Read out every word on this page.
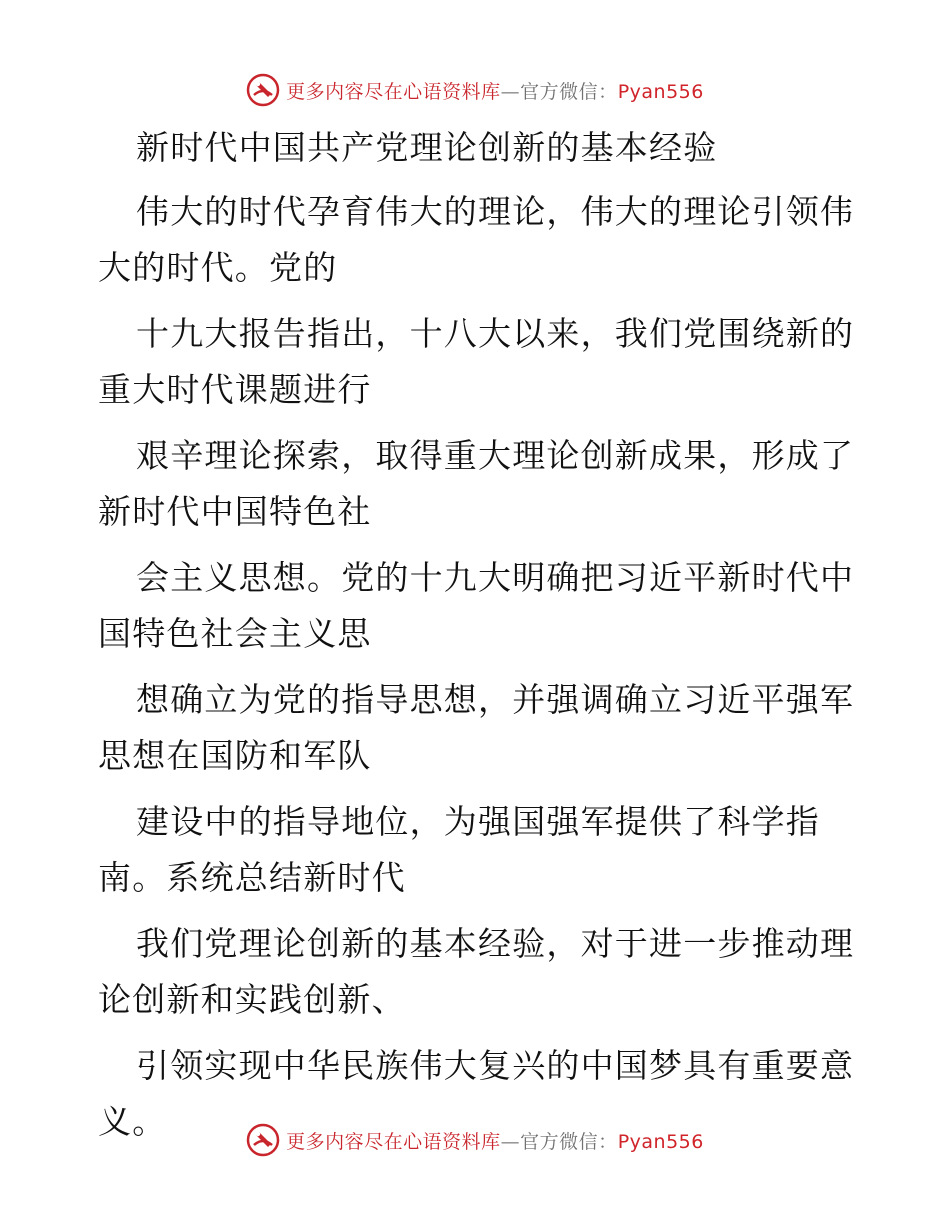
更多内容尽在心语资料库—官方微信：Pyan556
新时代中国共产党理论创新的基本经验
伟大的时代孕育伟大的理论，伟大的理论引领伟
大的时代。党的
十九大报告指出，十八大以来，我们党围绕新的
重大时代课题进行
艰辛理论探索，取得重大理论创新成果，形成了
新时代中国特色社
会主义思想。党的十九大明确把习近平新时代中
国特色社会主义思
想确立为党的指导思想，并强调确立习近平强军
思想在国防和军队
建设中的指导地位，为强国强军提供了科学指
南。系统总结新时代
我们党理论创新的基本经验，对于进一步推动理
论创新和实践创新、
引领实现中华民族伟大复兴的中国梦具有重要意
义。
更多内容尽在心语资料库—官方微信：Pyan556
